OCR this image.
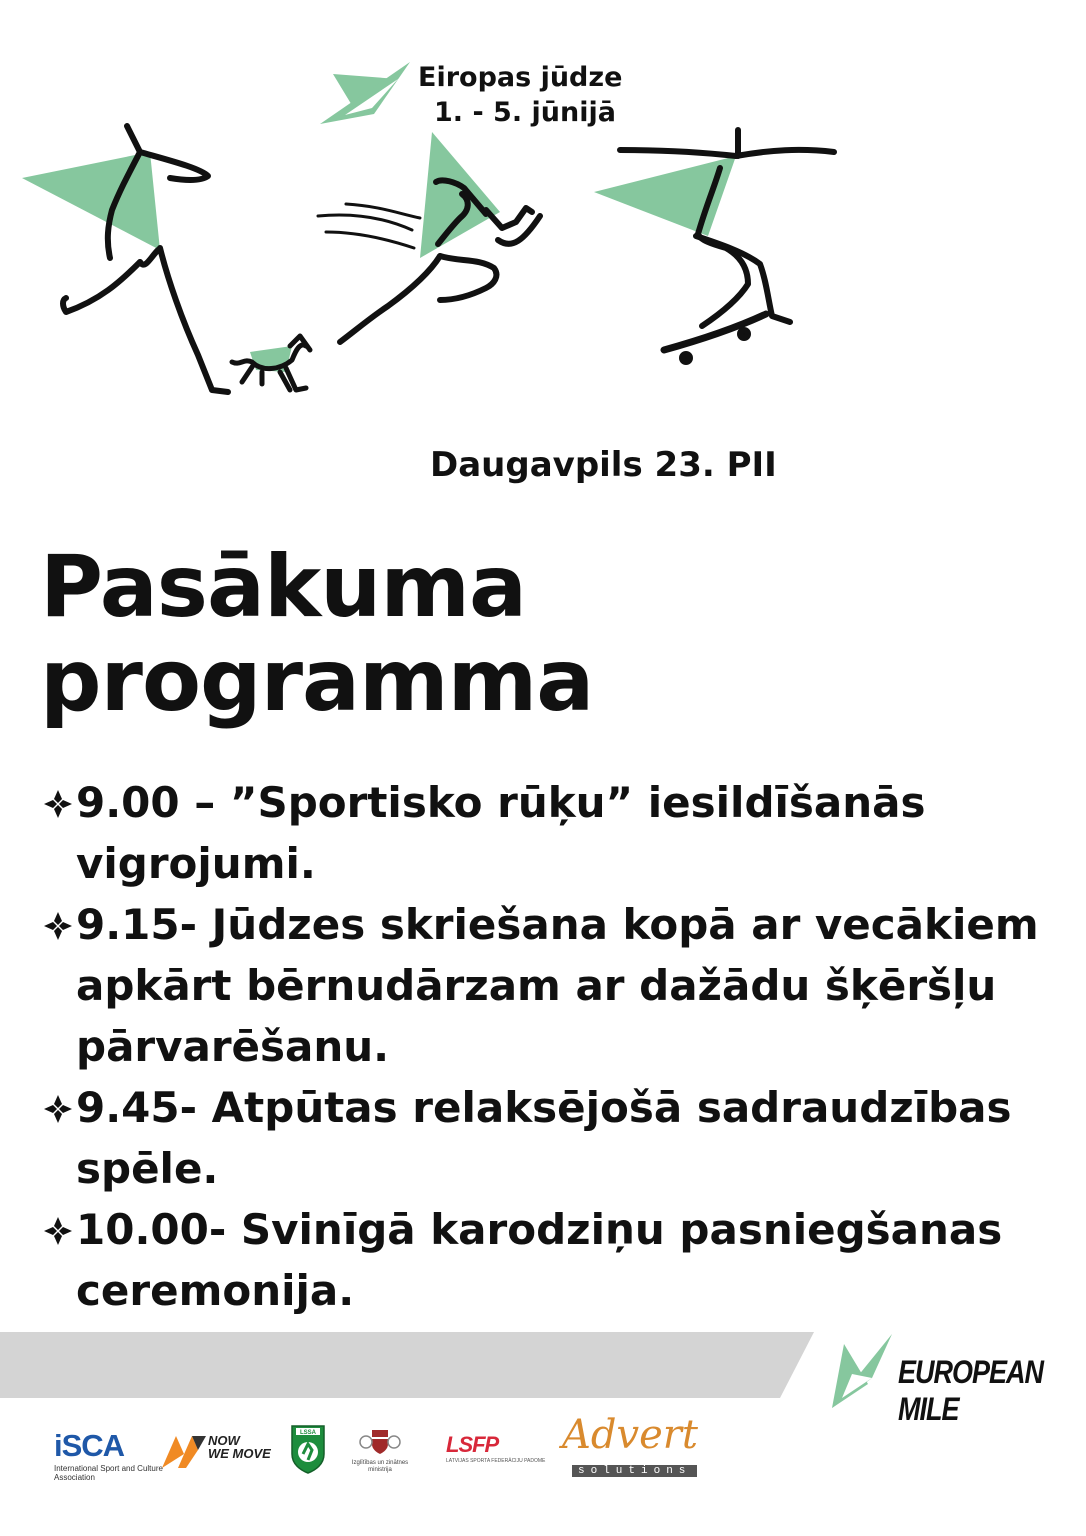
Eiropas jūdze
1. - 5. jūnijā
Daugavpils 23. PII
Pasākuma
programma
9.00 – ”Sportisko rūķu” iesildīšanās vigrojumi.
9.15- Jūdzes skriešana kopā ar vecākiem apkārt bērnudārzam ar dažādu šķēršļu pārvarēšanu.
9.45- Atpūtas relaksējošā sadraudzības spēle.
10.00- Svinīgā karodziņu pasniegšanas ceremonija.
EUROPEAN MILE
iSCA
International Sport and Culture Association
NOW
WE MOVE
LSSA
Izglītības un zinātnes ministrija
LSFP
LATVIJAS SPORTA FEDERĀCIJU PADOME
Advert
solutions
